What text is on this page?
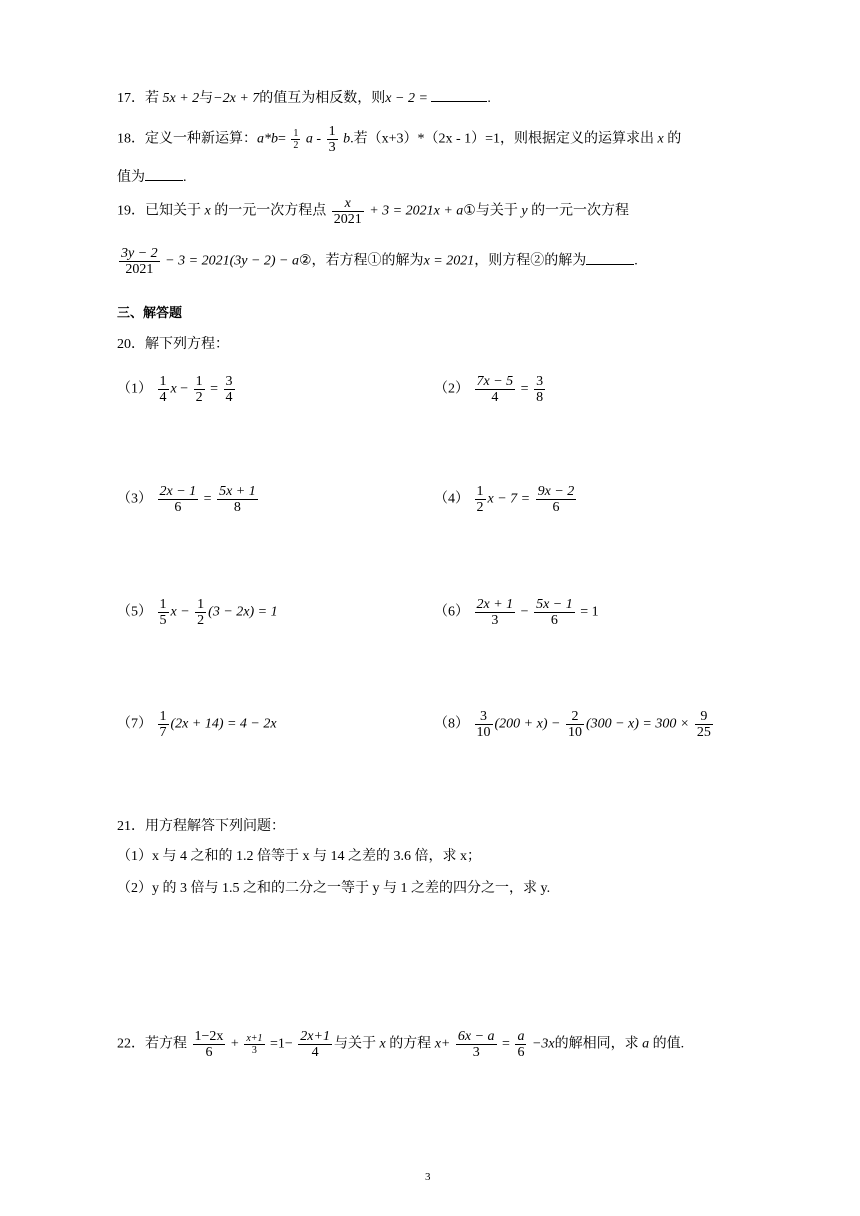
17．若 5x + 2与−2x + 7的值互为相反数，则x − 2 =	.
18．定义一种新运算：$a*b= \frac{1}{2}$ a - $\frac{1}{3} b$.若（x+3）*（2x - 1）=1，则根据定义的运算求出 x 的
值为	.
19．已知关于 x 的一元一次方程点 $\frac{x}{2021} + 3 = 2021x$ + a①与关于 y 的一元一次方程
$\frac{3y - 2}{2021} - 3 = 2021(3y - 2)$ − a②，若方程①的解为x = 2021，则方程②的解为	.
三、解答题
20．解下列方程：
$(1) \frac{1}{4}$ $x - \frac{1}{2} = \frac{3}{4}$	$(2) \frac{7x - 5}{4} = \frac{3}{8}$
$(3) \frac{2x - 1}{6} = \frac{5x + 1}{8}$	$(4) \frac{1}{2}$ $x - 7 = \frac{9x - 2}{6}$
$(5) \frac{1}{5}$ $x - \frac{1}{2} (3 - 2x) = 1$	$(6) \frac{2x + 1}{3} - \frac{5x - 1}{6} = 1$
$(7) \frac{1}{7} (2x + 14) = 4 - 2x$	$(8) \frac{3}{10} (200 + x) - \frac{2}{10} (300 - x) = 300 \times \frac{9}{25}$
21．用方程解答下列问题：
（1）x 与 4 之和的 1.2 倍等于 x 与 14 之差的 3.6 倍，求 x；
（2）y 的 3 倍与 1.5 之和的二分之一等于 y 与 1 之差的四分之一，求 y.
22．若方程 $\frac{1-2x}{6} + \frac{x+1}{3} =1- \frac{2x+1}{4}$ 与关于 x 的方程 $x+ \frac{6x - a}{3} = \frac{a}{6} -3x$的解相同，求 a 的值.
3
